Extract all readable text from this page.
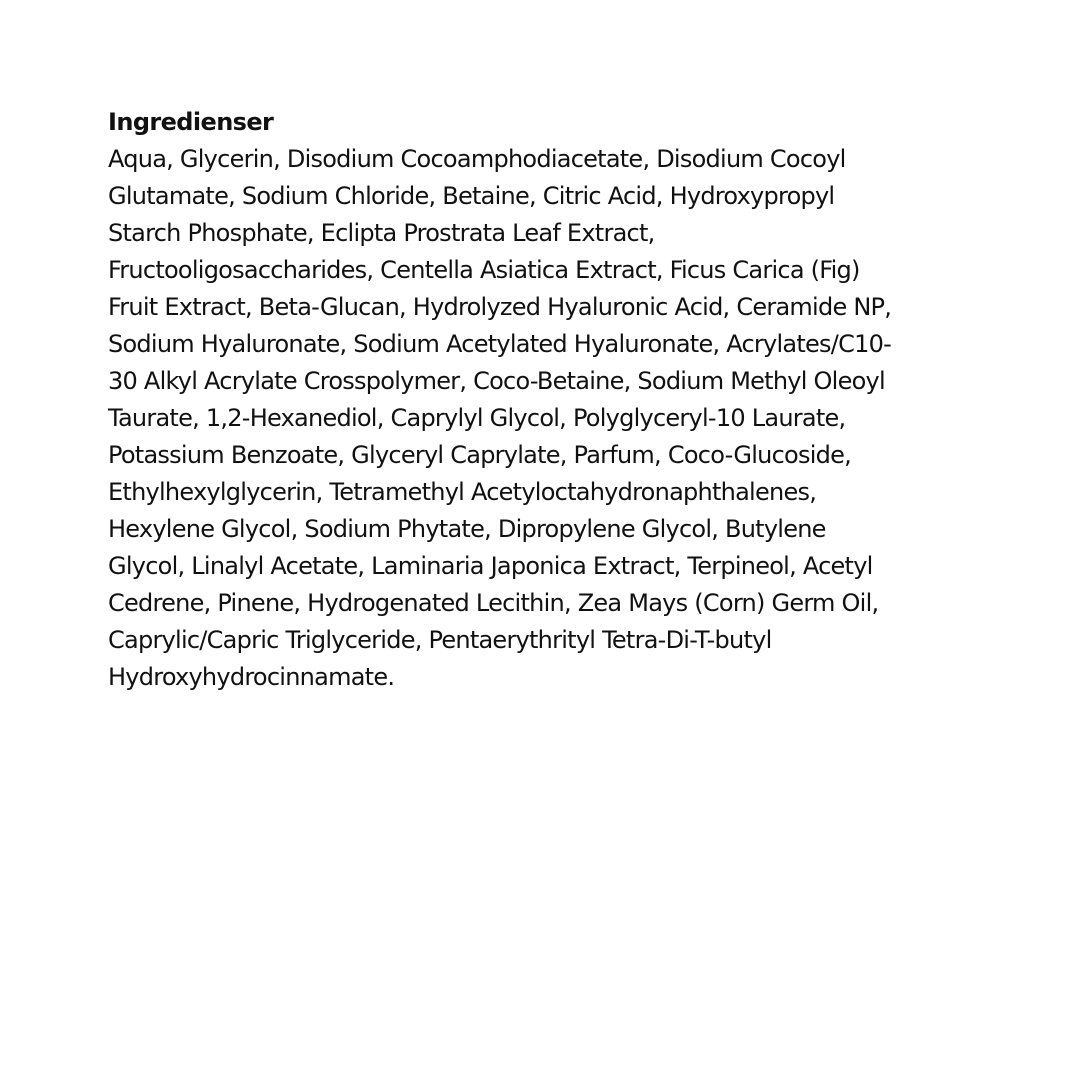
Ingredienser

Aqua, Glycerin, Disodium Cocoamphodiacetate, Disodium Cocoyl
Glutamate, Sodium Chloride, Betaine, Citric Acid, Hydroxypropyl
Starch Phosphate, Eclipta Prostrata Leaf Extract,
Fructooligosaccharides, Centella Asiatica Extract, Ficus Carica (Fig)
Fruit Extract, Beta-Glucan, Hydrolyzed Hyaluronic Acid, Ceramide NP,
Sodium Hyaluronate, Sodium Acetylated Hyaluronate, Acrylates/C10-
30 Alkyl Acrylate Crosspolymer, Coco-Betaine, Sodium Methyl Oleoyl
Taurate, 1,2-Hexanediol, Caprylyl Glycol, Polyglyceryl-10 Laurate,
Potassium Benzoate, Glyceryl Caprylate, Parfum, Coco-Glucoside,
Ethylhexylglycerin, Tetramethyl Acetyloctahydronaphthalenes,
Hexylene Glycol, Sodium Phytate, Dipropylene Glycol, Butylene
Glycol, Linalyl Acetate, Laminaria Japonica Extract, Terpineol, Acetyl
Cedrene, Pinene, Hydrogenated Lecithin, Zea Mays (Corn) Germ Oil,
Caprylic/Capric Triglyceride, Pentaerythrityl Tetra-Di-T-butyl
Hydroxyhydrocinnamate.
